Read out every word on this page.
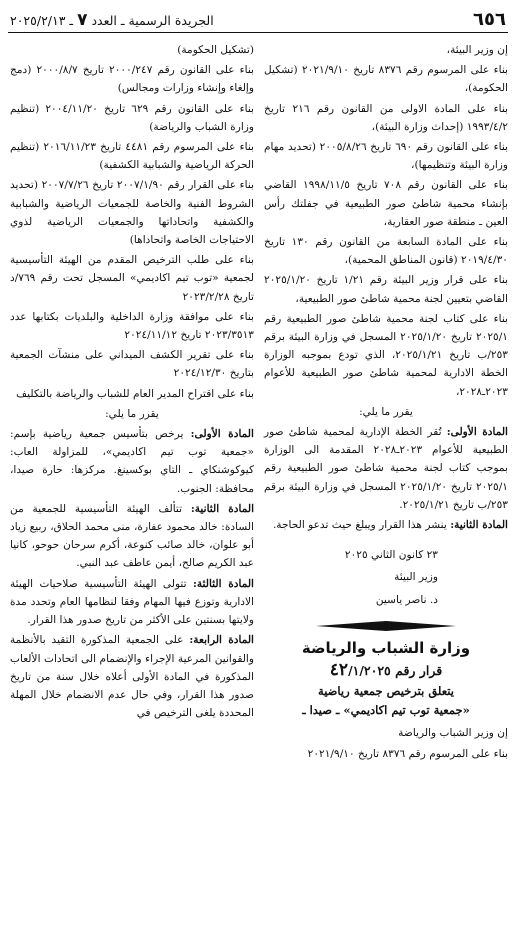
٦٥٦
الجريدة الرسمية ـ العدد
٧
ـ ٢٠٢٥/٢/١٣

إن وزير البيئة،

بناء على المرسوم رقم ٨٣٧٦ تاريخ ٢٠٢١/٩/١٠ (تشكيل الحكومة)،

بناء على المادة الاولى من القانون رقم ٢١٦ تاريخ ١٩٩٣/٤/٢ (إحداث وزارة البيئة)،

بناء على القانون رقم ٦٩٠ تاريخ ٢٠٠٥/٨/٢٦ (تحديد مهام وزارة البيئة وتنظيمها)،

بناء على القانون رقم ٧٠٨ تاريخ ١٩٩٨/١١/٥ القاضي بإنشاء محمية شاطئ صور الطبيعية في جفلتك رأس العين ـ منطقة صور العقارية،

بناء على المادة السابعة من القانون رقم ١٣٠ تاريخ ٢٠١٩/٤/٣٠ (قانون المناطق المحمية)،

بناء على قرار وزير البيئة رقم ١/٢١ تاريخ ٢٠٢٥/١/٢٠ القاضي بتعيين لجنة محمية شاطئ صور الطبيعية،

بناء على كتاب لجنة محمية شاطئ صور الطبيعية رقم ٢٠٢٥/١ تاريخ ٢٠٢٥/١/٢٠ المسجل في وزارة البيئة برقم ٢٥٣/ب تاريخ ٢٠٢٥/١/٢١، الذي تودع بموجبه الوزارة الخطة الادارية لمحمية شاطئ صور الطبيعية للأعوام ٢٠٢٣ـ٢٠٢٨،

يقرر ما يلي:

المادة الأولى: تُقر الخطة الإدارية لمحمية شاطئ صور الطبيعية للأعوام ٢٠٢٣ـ٢٠٢٨ المقدمة الى الوزارة بموجب كتاب لجنة محمية شاطئ صور الطبيعية رقم ٢٠٢٥/١ تاريخ ٢٠٢٥/١/٢٠ المسجل في وزارة البيئة برقم ٢٥٣/ب تاريخ ٢٠٢٥/١/٢١.

المادة الثانية: ينشر هذا القرار ويبلغ حيث تدعو الحاجة.

٢٣ كانون الثاني ٢٠٢٥

وزير البيئة

د. ناصر ياسين

وزارة الشباب والرياضة
قرار رقم ٤٢/١/٢٠٢٥
يتعلق بترخيص جمعية رياضية
«جمعية توب تيم اكاديمي» ـ صيدا ـ

إن وزير الشباب والرياضة

بناء على المرسوم رقم ٨٣٧٦ تاريخ ٢٠٢١/٩/١٠

(تشكيل الحكومة)

بناء على القانون رقم ٢٠٠٠/٢٤٧ تاريخ ٢٠٠٠/٨/٧ (دمج وإلغاء وإنشاء وزارات ومجالس)

بناء على القانون رقم ٦٢٩ تاريخ ٢٠٠٤/١١/٢٠ (تنظيم وزارة الشباب والرياضة)

بناء على المرسوم رقم ٤٤٨١ تاريخ ٢٠١٦/١١/٢٣ (تنظيم الحركة الرياضية والشبابية الكشفية)

بناء على القرار رقم ٢٠٠٧/١/٩٠ تاريخ ٢٠٠٧/٧/٢٦ (تحديد الشروط الفنية والخاصة للجمعيات الرياضية والشبابية والكشفية واتحاداتها والجمعيات الرياضية لذوي الاحتياجات الخاصة واتحاداها)

بناء على طلب الترخيص المقدم من الهيئة التأسيسية لجمعية «توب تيم اكاديمي» المسجل تحت رقم ٧٦٩/د تاريخ ٢٠٢٣/٢/٢٨

بناء على موافقة وزارة الداخلية والبلديات بكتابها عدد ٢٠٢٣/٣٥١٣ تاريخ ٢٠٢٤/١١/١٢

بناء على تقرير الكشف الميداني على منشآت الجمعية بتاريخ ٢٠٢٤/١٢/٣٠

بناء على اقتراح المدير العام للشباب والرياضة بالتكليف

يقرر ما يلي:

المادة الأولى: يرخص بتأسيس جمعية رياضية بإسم: «جمعية توب تيم اكاديمي»، للمزاولة العاب: كيوكوشنكاي ـ التاي بوكسينغ. مركزها: حارة صيدا، محافظة: الجنوب.

المادة الثانية: تتألف الهيئة التأسيسية للجمعية من السادة: خالد محمود عفارة، منى محمد الحلاق، ربيع زياد أبو علوان، خالد صائب كنوعة، أكرم سرحان حوحو، كانيا عبد الكريم صالح، أيمن عاطف عبد النبي.

المادة الثالثة: تتولى الهيئة التأسيسية صلاحيات الهيئة الادارية وتوزع فيها المهام وفقا لنظامها العام وتحدد مدة ولايتها بسنتين على الأكثر من تاريخ صدور هذا القرار.

المادة الرابعة: على الجمعية المذكورة التقيد بالأنظمة والقوانين المرعية الإجراء والإنضمام الى اتحادات الألعاب المذكورة في المادة الأولى أعلاه خلال سنة من تاريخ صدور هذا القرار، وفي حال عدم الانضمام خلال المهلة المحددة يلغى الترخيص في
